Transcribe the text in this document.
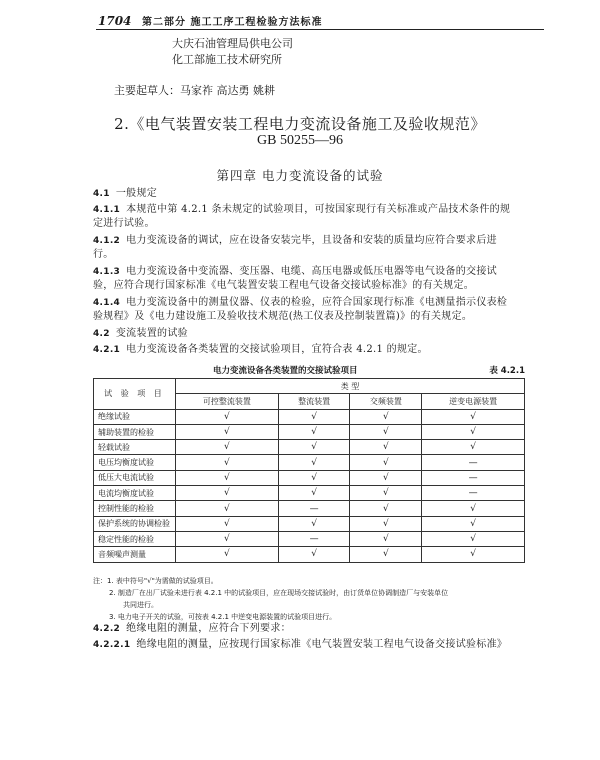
1704	第二部分 施工工序工程检验方法标准
大庆石油管理局供电公司
化工部施工技术研究所
主要起草人：马家祚 高达勇 姚耕
2.《电气装置安装工程电力变流设备施工及验收规范》
GB 50255—96
第四章 电力变流设备的试验
4.1 一般规定
4.1.1 本规范中第 4.2.1 条未规定的试验项目，可按国家现行有关标准或产品技术条件的规定进行试验。
4.1.2 电力变流设备的调试，应在设备安装完毕，且设备和安装的质量均应符合要求后进行。
4.1.3 电力变流设备中变流器、变压器、电缆、高压电器或低压电器等电气设备的交接试验，应符合现行国家标准《电气装置安装工程电气设备交接试验标准》的有关规定。
4.1.4 电力变流设备中的测量仪器、仪表的检验，应符合国家现行标准《电测量指示仪表检验规程》及《电力建设施工及验收技术规范(热工仪表及控制装置篇)》的有关规定。
4.2 变流装置的试验
4.2.1 电力变流设备各类装置的交接试验项目，宜符合表 4.2.1 的规定。
电力变流设备各类装置的交接试验项目	表 4.2.1
试 验 项 目	类 型			
	可控整流装置	整流装置	交频装置	逆变电源装置
绝缘试验	√	√	√	√
辅助装置的检验	√	√	√	√
轻载试验	√	√	√	√
电压均衡度试验	√	√	√	—
低压大电流试验	√	√	√	—
电流均衡度试验	√	√	√	—
控制性能的检验	√	—	√	√
保护系统的协调检验	√	√	√	√
稳定性能的检验	√	—	√	√
音频噪声测量	√	√	√	√
注：1. 表中符号"√"为需做的试验项目。
2. 制造厂在出厂试验未进行表 4.2.1 中的试验项目，应在现场交接试验时，由订货单位协调制造厂与安装单位
共同进行。
3. 电力电子开关的试验，可按表 4.2.1 中逆变电源装置的试验项目进行。
4.2.2 绝缘电阻的测量，应符合下列要求：
4.2.2.1 绝缘电阻的测量，应按现行国家标准《电气装置安装工程电气设备交接试验标准》
